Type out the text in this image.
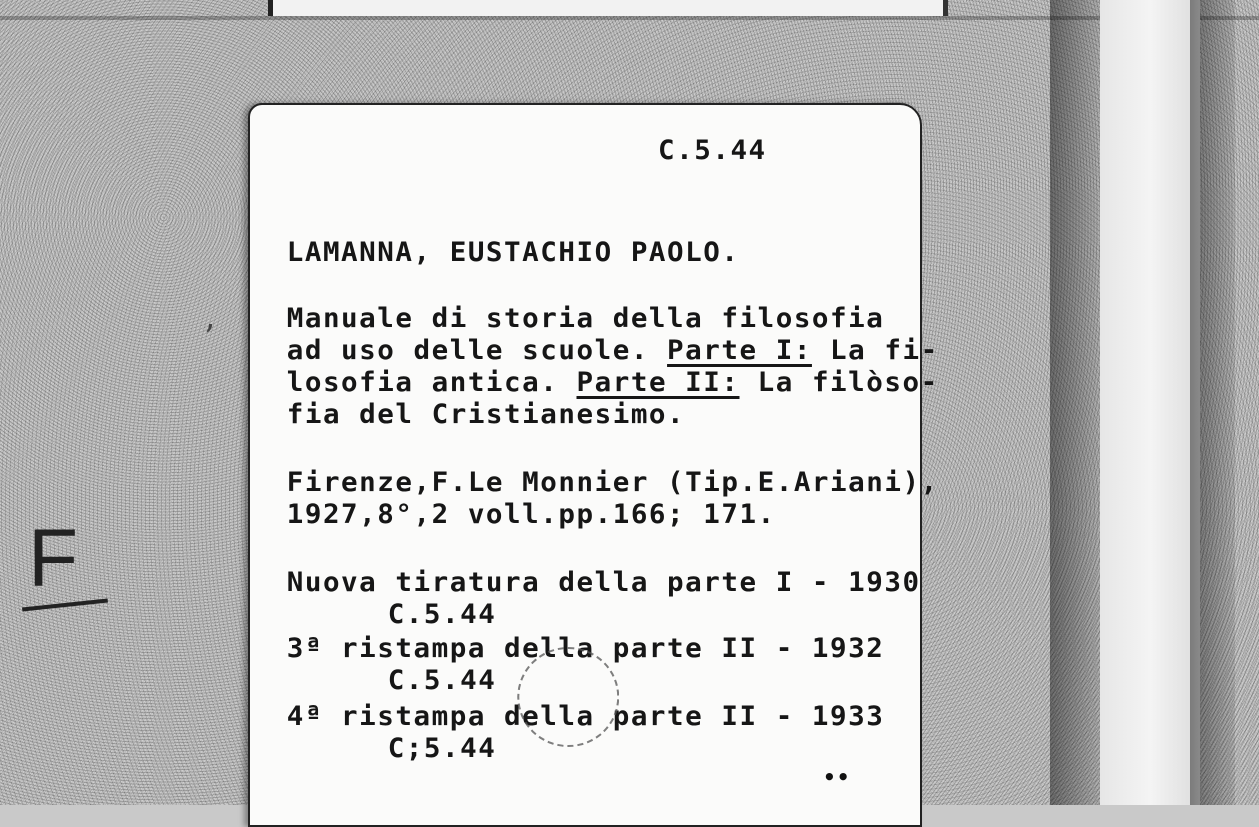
ʼ
F
C.5.44
LAMANNA, EUSTACHIO PAOLO.
Manuale di storia della filosofia
ad uso delle scuole. Parte I: La fi-
losofia antica. Parte II: La filòso-
fia del Cristianesimo.
Firenze,F.Le Monnier (Tip.E.Ariani),
1927,8°,2 voll.pp.166; 171.
Nuova tiratura della parte I - 1930
C.5.44
3ª ristampa della parte II - 1932
C.5.44
4ª ristampa della parte II - 1933
C;5.44
••
